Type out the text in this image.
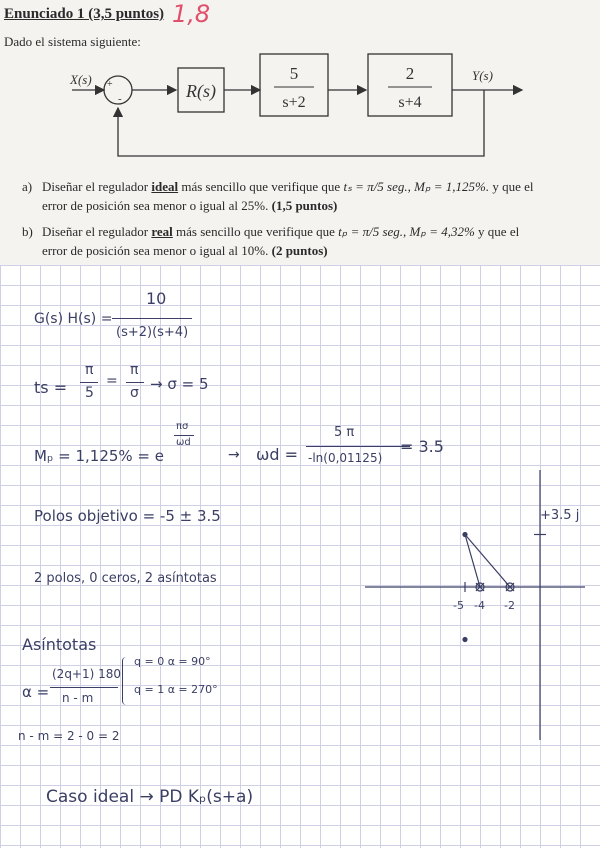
Enunciado 1 (3,5 puntos) 1,8
Dado el sistema siguiente:
X(s) +
-	R(s)
5
s+2
2
s+4
Y(s)
a) Diseñar el regulador ideal más sencillo que verifique que tₛ = π/5 seg., Mₚ = 1,125%. y que el
error de posición sea menor o igual al 25%. (1,5 puntos)
b) Diseñar el regulador real más sencillo que verifique que tₚ = π/5 seg., Mₚ = 4,32% y que el
error de posición sea menor o igual al 10%. (2 puntos)
G(s) H(s) =
10
(s+2)(s+4)
ts =
π
5
=
π
σ → σ = 5
Mₚ = 1,125% = e
πσ
ωd
→ ωd =
5 π
-ln(0,01125)
= 3.5
Polos objetivo = -5 ± 3.5
2 polos, 0 ceros, 2 asíntotas
Asíntotas
α =
(2q+1) 180
n - m
q = 0 α = 90°
q = 1 α = 270°
n - m = 2 - 0 = 2
Caso ideal → PD Kₚ(s+a)
+3.5 j
-5 -4 -2
